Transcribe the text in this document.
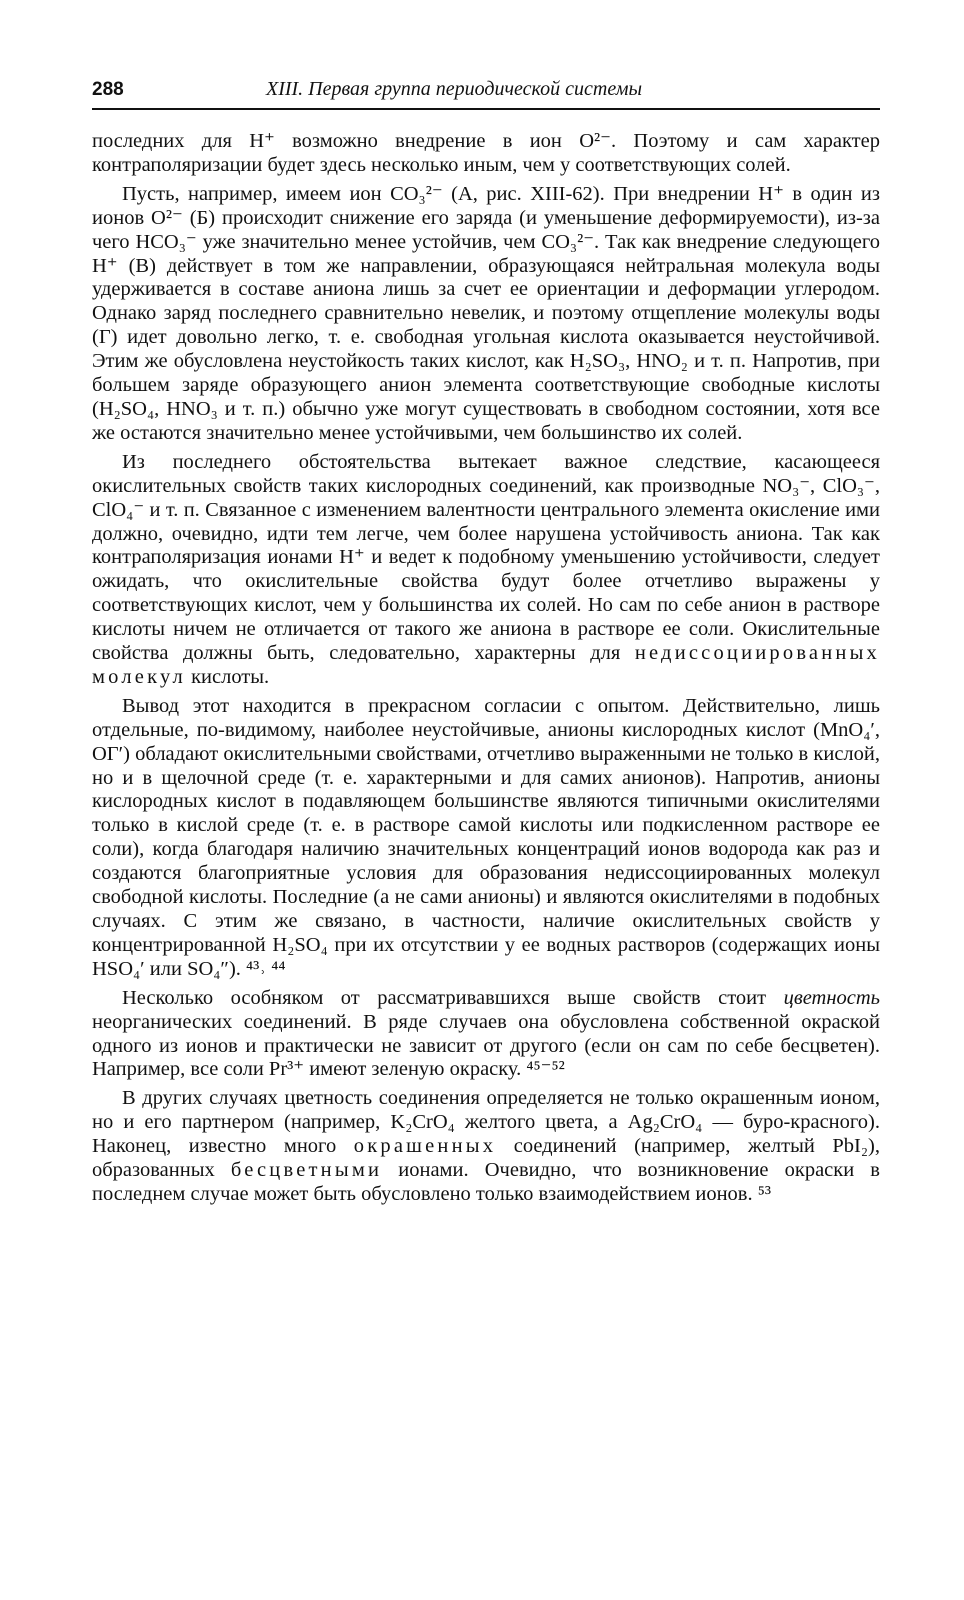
288	XIII. Первая группа периодической системы

последних для H⁺ возможно внедрение в ион O²⁻. Поэтому и сам характер контраполяризации будет здесь несколько иным, чем у соответствующих солей.

Пусть, например, имеем ион CO₃²⁻ (A, рис. XIII-62). При внедрении H⁺ в один из ионов O²⁻ (Б) происходит снижение его заряда (и уменьшение деформируемости), из-за чего HCO₃⁻ уже значительно менее устойчив, чем CO₃²⁻. Так как внедрение следующего H⁺ (В) действует в том же направлении, образующаяся нейтральная молекула воды удерживается в составе аниона лишь за счет ее ориентации и деформации углеродом. Однако заряд последнего сравнительно невелик, и поэтому отщепление молекулы воды (Г) идет довольно легко, т. е. свободная угольная кислота оказывается неустойчивой. Этим же обусловлена неустойкость таких кислот, как H₂SO₃, HNO₂ и т. п. Напротив, при большем заряде образующего анион элемента соответствующие свободные кислоты (H₂SO₄, HNO₃ и т. п.) обычно уже могут существовать в свободном состоянии, хотя все же остаются значительно менее устойчивыми, чем большинство их солей.

Из последнего обстоятельства вытекает важное следствие, касающееся окислительных свойств таких кислородных соединений, как производные NO₃⁻, ClO₃⁻, ClO₄⁻ и т. п. Связанное с изменением валентности центрального элемента окисление ими должно, очевидно, идти тем легче, чем более нарушена устойчивость аниона. Так как контраполяризация ионами H⁺ и ведет к подобному уменьшению устойчивости, следует ожидать, что окислительные свойства будут более отчетливо выражены у соответствующих кислот, чем у большинства их солей. Но сам по себе анион в растворе кислоты ничем не отличается от такого же аниона в растворе ее соли. Окислительные свойства должны быть, следовательно, характерны для недиссоциированных молекул кислоты.

Вывод этот находится в прекрасном согласии с опытом. Действительно, лишь отдельные, по-видимому, наиболее неустойчивые, анионы кислородных кислот (MnO₄′, OГ′) обладают окислительными свойствами, отчетливо выраженными не только в кислой, но и в щелочной среде (т. е. характерными и для самих анионов). Напротив, анионы кислородных кислот в подавляющем большинстве являются типичными окислителями только в кислой среде (т. е. в растворе самой кислоты или подкисленном растворе ее соли), когда благодаря наличию значительных концентраций ионов водорода как раз и создаются благоприятные условия для образования недиссоциированных молекул свободной кислоты. Последние (а не сами анионы) и являются окислителями в подобных случаях. С этим же связано, в частности, наличие окислительных свойств у концентрированной H₂SO₄ при их отсутствии у ее водных растворов (содержащих ионы HSO₄′ или SO₄″). ⁴³˒ ⁴⁴

Несколько особняком от рассматривавшихся выше свойств стоит цветность неорганических соединений. В ряде случаев она обусловлена собственной окраской одного из ионов и практически не зависит от другого (если он сам по себе бесцветен). Например, все соли Pr³⁺ имеют зеленую окраску. ⁴⁵⁻⁵²

В других случаях цветность соединения определяется не только окрашенным ионом, но и его партнером (например, K₂CrO₄ желтого цвета, а Ag₂CrO₄ — буро-красного). Наконец, известно много окрашенных соединений (например, желтый PbI₂), образованных бесцветными ионами. Очевидно, что возникновение окраски в последнем случае может быть обусловлено только взаимодействием ионов. ⁵³
